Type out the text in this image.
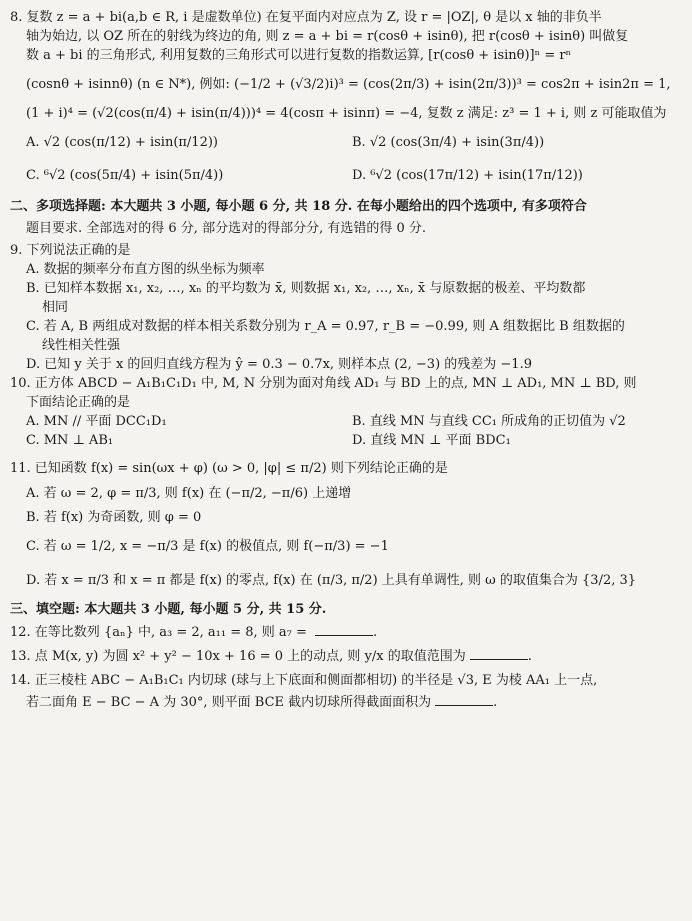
8. 复数 z = a + bi(a,b ∈ R, i 是虚数单位) 在复平面内对应点为 Z, 设 r = |OZ|, θ 是以 x 轴的非负半

轴为始边, 以 OZ 所在的射线为终边的角, 则 z = a + bi = r(cosθ + isinθ), 把 r(cosθ + isinθ) 叫做复

数 a + bi 的三角形式, 利用复数的三角形式可以进行复数的指数运算, [r(cosθ + isinθ)]ⁿ = rⁿ

(cosnθ + isinnθ) (n ∈ N*), 例如: (−1/2 + (√3/2)i)³ = (cos(2π/3) + isin(2π/3))³ = cos2π + isin2π = 1,

(1 + i)⁴ = (√2(cos(π/4) + isin(π/4)))⁴ = 4(cosπ + isinπ) = −4, 复数 z 满足: z³ = 1 + i, 则 z 可能取值为

A. √2 (cos(π/12) + isin(π/12))	B. √2 (cos(3π/4) + isin(3π/4))
C. ⁶√2 (cos(5π/4) + isin(5π/4))	D. ⁶√2 (cos(17π/12) + isin(17π/12))

二、多项选择题: 本大题共 3 小题, 每小题 6 分, 共 18 分. 在每小题给出的四个选项中, 有多项符合

题目要求. 全部选对的得 6 分, 部分选对的得部分分, 有选错的得 0 分.

9. 下列说法正确的是

A. 数据的频率分布直方图的纵坐标为频率

B. 已知样本数据 x₁, x₂, …, xₙ 的平均数为 x̄, 则数据 x₁, x₂, …, xₙ, x̄ 与原数据的极差、平均数都

相同

C. 若 A, B 两组成对数据的样本相关系数分别为 r_A = 0.97, r_B = −0.99, 则 A 组数据比 B 组数据的

线性相关性强

D. 已知 y 关于 x 的回归直线方程为 ŷ = 0.3 − 0.7x, 则样本点 (2, −3) 的残差为 −1.9

10. 正方体 ABCD − A₁B₁C₁D₁ 中, M, N 分别为面对角线 AD₁ 与 BD 上的点, MN ⊥ AD₁, MN ⊥ BD, 则

下面结论正确的是

A. MN // 平面 DCC₁D₁	B. 直线 MN 与直线 CC₁ 所成角的正切值为 √2
C. MN ⊥ AB₁	D. 直线 MN ⊥ 平面 BDC₁

11. 已知函数 f(x) = sin(ωx + φ) (ω > 0, |φ| ≤ π/2) 则下列结论正确的是

A. 若 ω = 2, φ = π/3, 则 f(x) 在 (−π/2, −π/6) 上递增
B. 若 f(x) 为奇函数, 则 φ = 0
C. 若 ω = 1/2, x = −π/3 是 f(x) 的极值点, 则 f(−π/3) = −1
D. 若 x = π/3 和 x = π 都是 f(x) 的零点, f(x) 在 (π/3, π/2) 上具有单调性, 则 ω 的取值集合为 {3/2, 3}

三、填空题: 本大题共 3 小题, 每小题 5 分, 共 15 分.

12. 在等比数列 {aₙ} 中, a₃ = 2, a₁₁ = 8, 则 a₇ =	.

13. 点 M(x, y) 为圆 x² + y² − 10x + 16 = 0 上的动点, 则 y/x 的取值范围为	.

14. 正三棱柱 ABC − A₁B₁C₁ 内切球 (球与上下底面和侧面都相切) 的半径是 √3, E 为棱 AA₁ 上一点,

若二面角 E − BC − A 为 30°, 则平面 BCE 截内切球所得截面面积为	.
